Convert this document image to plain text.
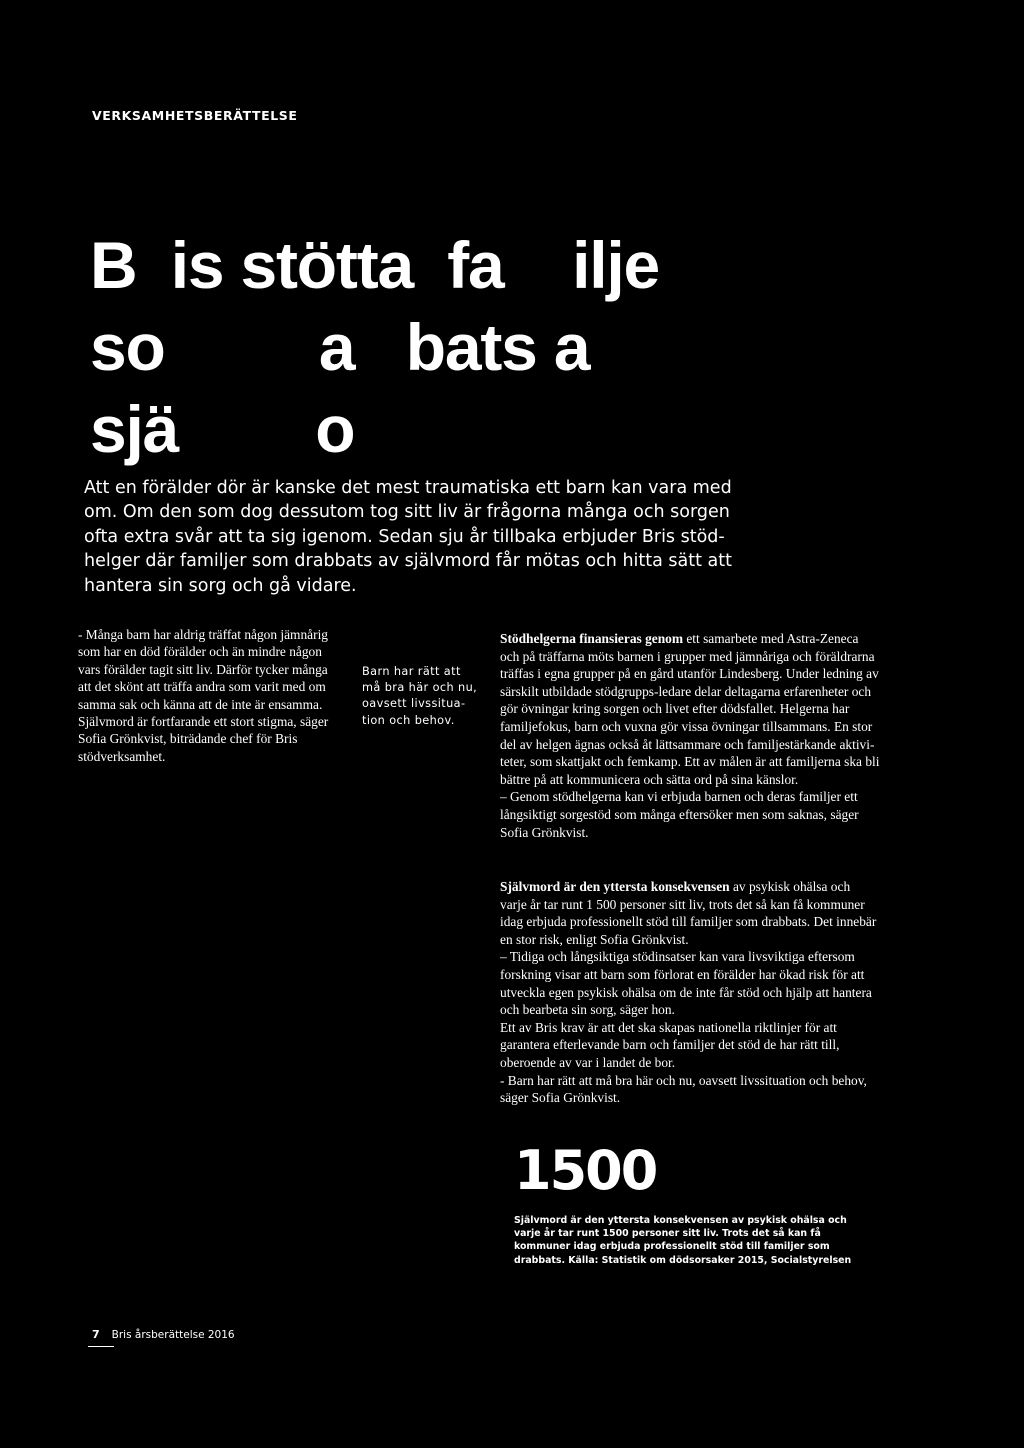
VERKSAMHETSBERÄTTELSE
B  is stötta  fa    ilje
so         a   bats a
sjä        o

Att en förälder dör är kanske det mest traumatiska ett barn kan vara med om. Om den som dog dessutom tog sitt liv är frågorna många och sorgen ofta extra svår att ta sig igenom. Sedan sju år tillbaka erbjuder Bris stöd-helger där familjer som drabbats av självmord får mötas och hitta sätt att hantera sin sorg och gå vidare.

- Många barn har aldrig träffat någon jämnårig som har en död förälder och än mindre någon vars förälder tagit sitt liv. Därför tycker många att det skönt att träffa andra som varit med om samma sak och känna att de inte är ensamma. Självmord är fortfarande ett stort stigma, säger Sofia Grönkvist, biträdande chef för Bris stödverksamhet.

Barn har rätt att må bra här och nu, oavsett livssitua-tion och behov.

Stödhelgerna finansieras genom ett samarbete med Astra-Zeneca och på träffarna möts barnen i grupper med jämnåriga och föräldrarna träffas i egna grupper på en gård utanför Lindesberg. Under ledning av särskilt utbildade stödgrupps-ledare delar deltagarna erfarenheter och gör övningar kring sorgen och livet efter dödsfallet. Helgerna har familjefokus, barn och vuxna gör vissa övningar tillsammans. En stor del av helgen ägnas också åt lättsammare och familjestärkande aktivi-teter, som skattjakt och femkamp. Ett av målen är att familjerna ska bli bättre på att kommunicera och sätta ord på sina känslor.
– Genom stödhelgerna kan vi erbjuda barnen och deras familjer ett långsiktigt sorgestöd som många eftersöker men som saknas, säger Sofia Grönkvist.
Självmord är den yttersta konsekvensen av psykisk ohälsa och varje år tar runt 1 500 personer sitt liv, trots det så kan få kommuner idag erbjuda professionellt stöd till familjer som drabbats. Det innebär en stor risk, enligt Sofia Grönkvist.
– Tidiga och långsiktiga stödinsatser kan vara livsviktiga eftersom forskning visar att barn som förlorat en förälder har ökad risk för att utveckla egen psykisk ohälsa om de inte får stöd och hjälp att hantera och bearbeta sin sorg, säger hon.
Ett av Bris krav är att det ska skapas nationella riktlinjer för att garantera efterlevande barn och familjer det stöd de har rätt till, oberoende av var i landet de bor.
- Barn har rätt att må bra här och nu, oavsett livssituation och behov, säger Sofia Grönkvist.
1500

Självmord är den yttersta konsekvensen av psykisk ohälsa och varje år tar runt 1500 personer sitt liv. Trots det så kan få kommuner idag erbjuda professionellt stöd till familjer som drabbats. Källa: Statistik om dödsorsaker 2015, Socialstyrelsen

7 Bris årsberättelse 2016
